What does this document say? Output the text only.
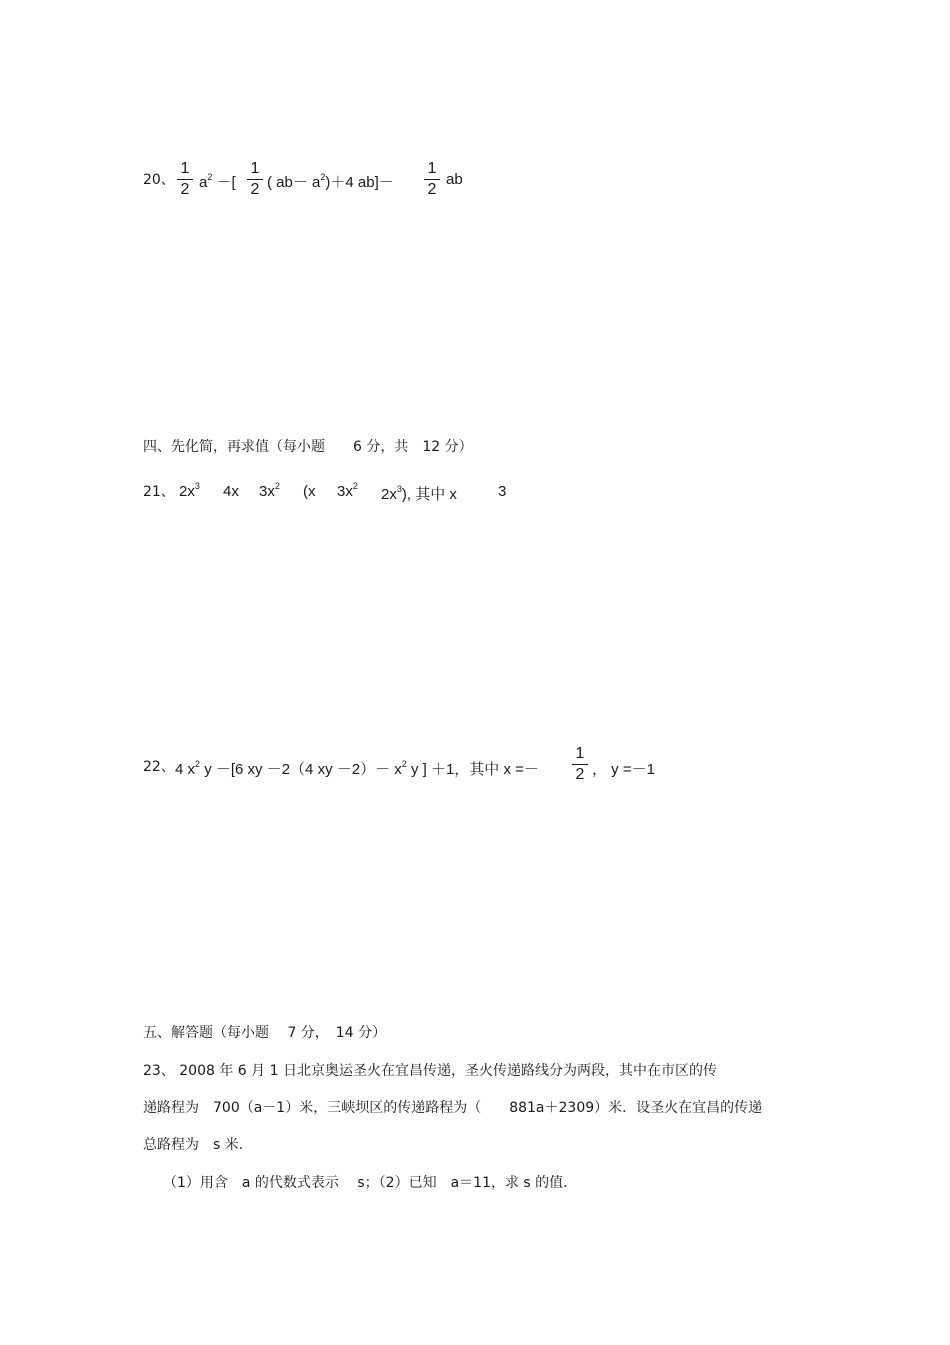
20、
1
2 $a^2$ －[
1
2 ( $ab- a^2)+4$ ab]－
1
2
ab
四、先化简，再求值（每小题　　6 分，共　12 分）
21、 $2x^3$ 4x $3x^2$ (x $3x^2$ $2x^3$), 其中 x	3
22、 4 $x^2$ y －[6 xy －2（4 xy $-2)- x^2$ y ] ＋1，其中 x =－
1
2 ， y =－1
五、解答题（每小题　 7 分，　14 分）
23、 2008 年 6 月 1 日北京奥运圣火在宜昌传递，圣火传递路线分为两段，其中在市区的传
递路程为　700（a－1）米，三峡坝区的传递路程为（　　881a＋2309）米．设圣火在宜昌的传递
总路程为　s 米.
（1）用含　a 的代数式表示　 s；（2）已知　a＝11，求 s 的值.
